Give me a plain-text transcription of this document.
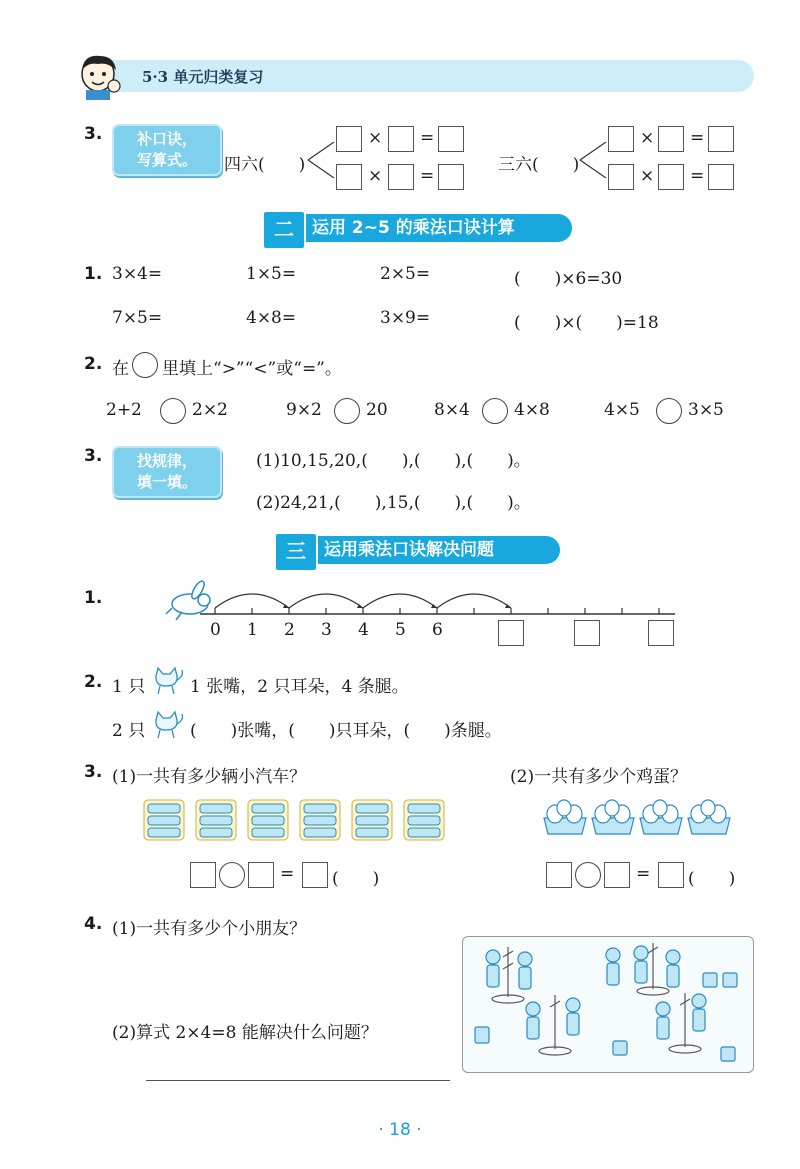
5·3 单元归类复习
3.	补口诀，
写算式。	四六(　　)
× =
× =
三六(　　)
× =
× =
二	运用 2~5 的乘法口诀计算
1. 3×4=	1×5=	2×5=	(　　)×6=30
7×5=	4×8=	3×9=	(　　)×(　　)=18
2. 在 里填上“>”“<”或“=”。
2+2	2×2	9×2	20	8×4	4×8	4×5	3×5
3.	找规律，
填一填。
(1)10,15,20,(　　),(　　),(　　)。
(2)24,21,(　　),15,(　　),(　　)。
三	运用乘法口诀解决问题
1.
0 1 2 3 4 5 6
2. 1 只	1 张嘴，2 只耳朵，4 条腿。
2 只	(　　)张嘴，(　　)只耳朵，(　　)条腿。
3. (1)一共有多少辆小汽车？	(2)一共有多少个鸡蛋？
= (　　)	= (　　)
4. (1)一共有多少个小朋友？
(2)算式 2×4=8 能解决什么问题？
· 18 ·
